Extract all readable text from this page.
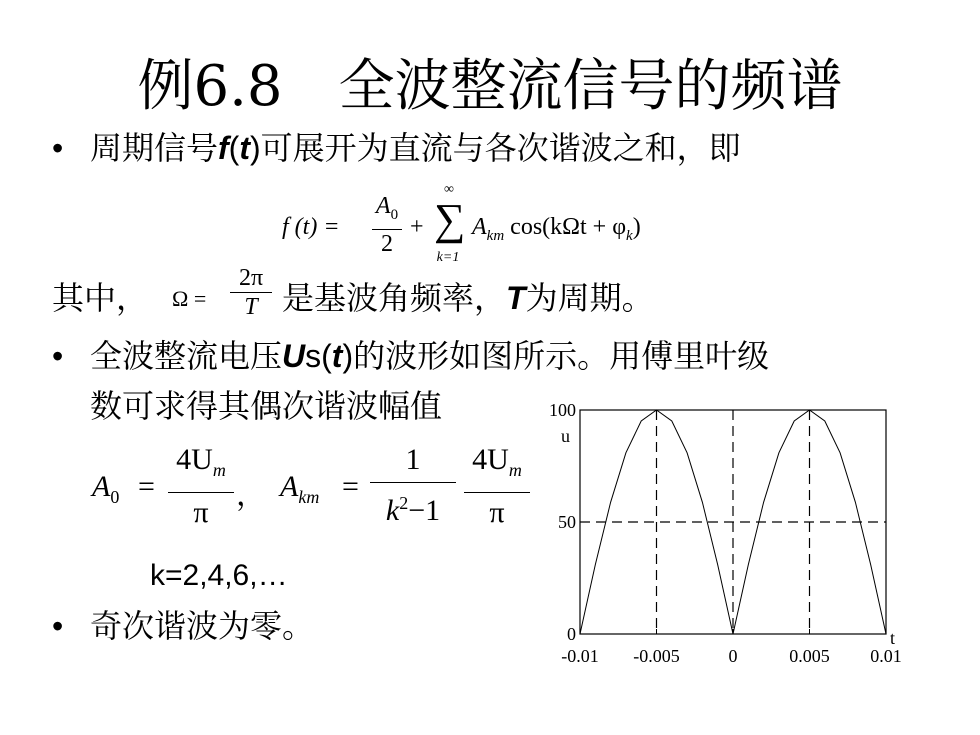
例6.8　全波整流信号的频谱
• 周期信号f(t)可展开为直流与各次谐波之和，即
f (t) =
$A_0$
2
+
∞
∑
k=1
$A_{km}$ $\cos(k\Omega t + \varphi_k)$
其中， Ω =
2π
T 是基波角频率，T为周期。
• 全波整流电压Us(t)的波形如图所示。用傅里叶级
数可求得其偶次谐波幅值
$A_0$ =
$4U_m$
π
， $A_{km}$ =
1
$k^2-1$
$4U_m$
π
k=2,4,6,…
• 奇次谐波为零。
-0.01 -0.005	0	0.005 0.01
0
50
100
u
t
